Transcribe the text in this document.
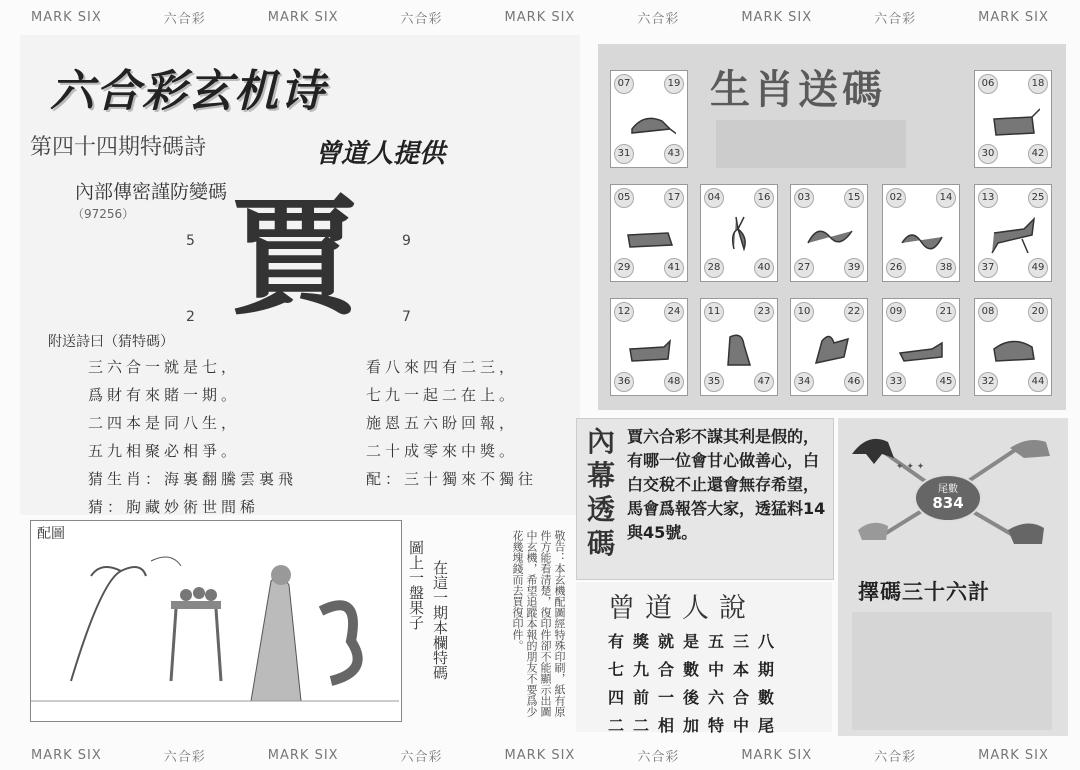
MARK SIX	六合彩	MARK SIX	六合彩	MARK SIX	六合彩	MARK SIX	六合彩	MARK SIX
六合彩玄机诗
第四十四期特碼詩	曾道人提供
內部傳密謹防變碼
（97256） 賈
5	9
2	7
附送詩曰（猜特碼）
三六合一就是七，
爲財有來賭一期。
二四本是同八生，
五九相聚必相爭。
猜生肖：海裏翻騰雲裏飛
猜：朐藏妙術世間稀
看八來四有二三，
七九一起二在上。
施恩五六盼回報，
二十成零來中獎。
配：三十獨來不獨往
配圖
圖上一盤果子 在這一期本欄特碼	敬告：本玄機配圖經特殊印刷，紙有原件方能看清楚，復印件卻不能顯示出圖中玄機，希望追蹤本報的朋友不要爲少花幾塊錢而去買復印件。
生肖送碼
07	19
31	43
06	18
30	42
05	17
29	41
04	16
28	40
03	15
27	39
02	14
26	38
13	25
37	49
12	24
36	48
11	23
35	47
10	22
34	46
09	21
33	45
08	20
32	44
內幕透碼
賈六合彩不謀其利是假的，有哪一位會甘心做善心，白白交稅不止還會無存希望，馬會爲報答大家，透猛料14與45號。
曾道人說
有獎就是五三八
七九合數中本期
四前一後六合數
二二相加特中尾
✦ ✦ ✦
尾數
834
擇碼三十六計
MARK SIX	六合彩	MARK SIX	六合彩	MARK SIX	六合彩	MARK SIX	六合彩	MARK SIX
